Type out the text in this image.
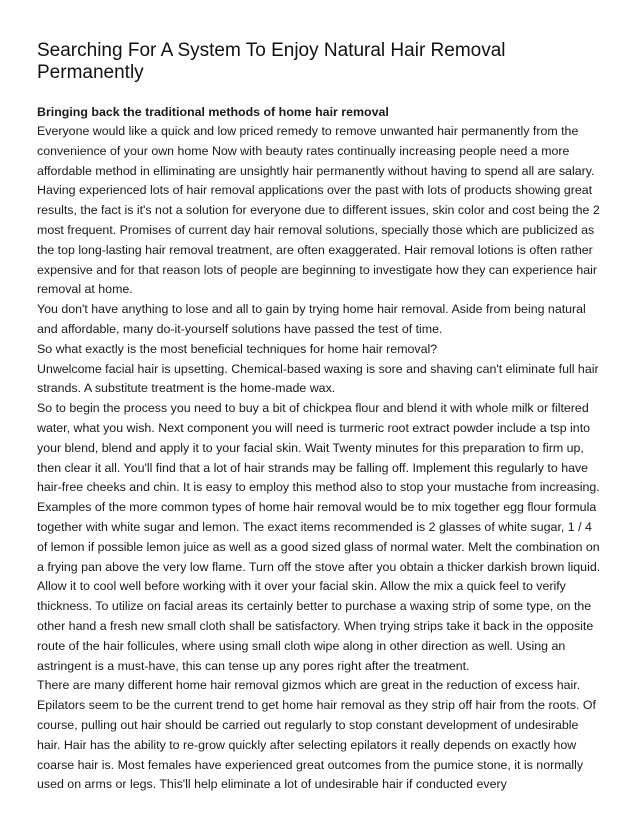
Searching For A System To Enjoy Natural Hair Removal Permanently

Bringing back the traditional methods of home hair removal

Everyone would like a quick and low priced remedy to remove unwanted hair permanently from the convenience of your own home Now with beauty rates continually increasing people need a more affordable method in elliminating are unsightly hair permanently without having to spend all are salary. Having experienced lots of hair removal applications over the past with lots of products showing great results, the fact is it's not a solution for everyone due to different issues, skin color and cost being the 2 most frequent. Promises of current day hair removal solutions, specially those which are publicized as the top long-lasting hair removal treatment, are often exaggerated. Hair removal lotions is often rather expensive and for that reason lots of people are beginning to investigate how they can experience hair removal at home.

You don't have anything to lose and all to gain by trying home hair removal. Aside from being natural and affordable, many do-it-yourself solutions have passed the test of time.

So what exactly is the most beneficial techniques for home hair removal?

Unwelcome facial hair is upsetting. Chemical-based waxing is sore and shaving can't eliminate full hair strands. A substitute treatment is the home-made wax.

So to begin the process you need to buy a bit of chickpea flour and blend it with whole milk or filtered water, what you wish. Next component you will need is turmeric root extract powder include a tsp into your blend, blend and apply it to your facial skin. Wait Twenty minutes for this preparation to firm up, then clear it all. You'll find that a lot of hair strands may be falling off. Implement this regularly to have hair-free cheeks and chin. It is easy to employ this method also to stop your mustache from increasing.

Examples of the more common types of home hair removal would be to mix together egg flour formula together with white sugar and lemon. The exact items recommended is 2 glasses of white sugar, 1 / 4 of lemon if possible lemon juice as well as a good sized glass of normal water. Melt the combination on a frying pan above the very low flame. Turn off the stove after you obtain a thicker darkish brown liquid. Allow it to cool well before working with it over your facial skin. Allow the mix a quick feel to verify thickness. To utilize on facial areas its certainly better to purchase a waxing strip of some type, on the other hand a fresh new small cloth shall be satisfactory. When trying strips take it back in the opposite route of the hair follicules, where using small cloth wipe along in other direction as well. Using an astringent is a must-have, this can tense up any pores right after the treatment.

There are many different home hair removal gizmos which are great in the reduction of excess hair. Epilators seem to be the current trend to get home hair removal as they strip off hair from the roots. Of course, pulling out hair should be carried out regularly to stop constant development of undesirable hair. Hair has the ability to re-grow quickly after selecting epilators it really depends on exactly how coarse hair is. Most females have experienced great outcomes from the pumice stone, it is normally used on arms or legs. This'll help eliminate a lot of undesirable hair if conducted every
